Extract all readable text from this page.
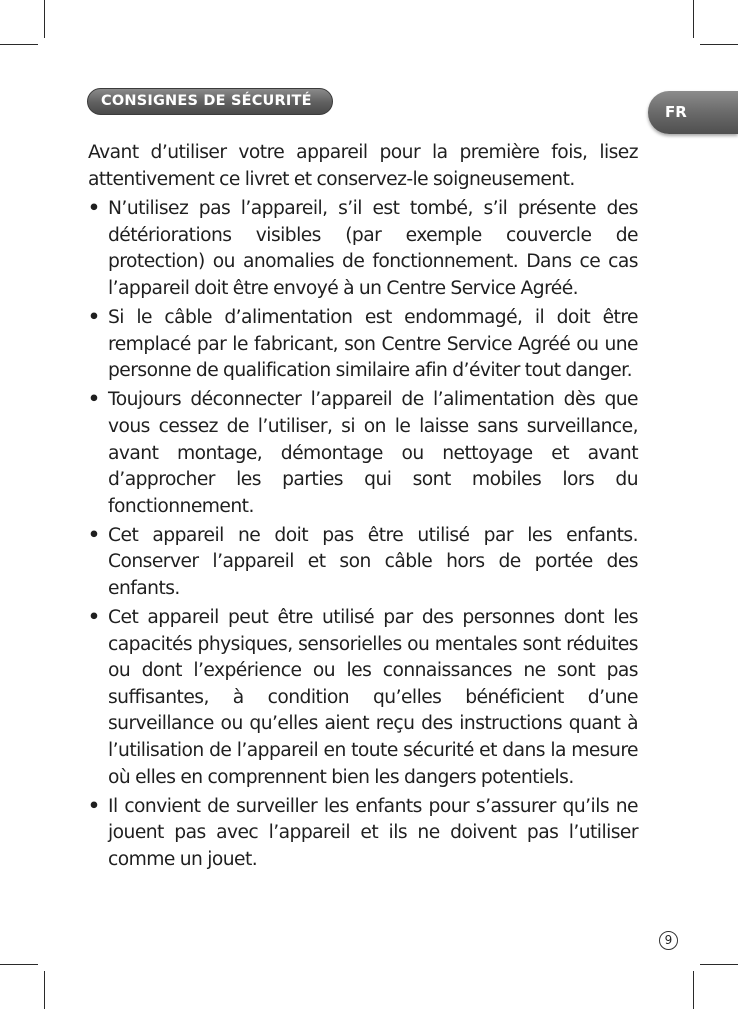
CONSIGNES DE SÉCURITÉ
FR

Avant d’utiliser votre appareil pour la première fois, lisez attentivement ce livret et conservez-le soigneusement.

• N’utilisez pas l’appareil, s’il est tombé, s’il présente des détériorations visibles (par exemple couvercle de protection) ou anomalies de fonctionnement. Dans ce cas l’appareil doit être envoyé à un Centre Service Agréé.
• Si le câble d’alimentation est endommagé, il doit être remplacé par le fabricant, son Centre Service Agréé ou une personne de qualification similaire afin d’éviter tout danger.
• Toujours déconnecter l’appareil de l’alimentation dès que vous cessez de l’utiliser, si on le laisse sans surveillance, avant montage, démontage ou nettoyage et avant d’approcher les parties qui sont mobiles lors du fonctionnement.
• Cet appareil ne doit pas être utilisé par les enfants. Conserver l’appareil et son câble hors de portée des enfants.
• Cet appareil peut être utilisé par des personnes dont les capacités physiques, sensorielles ou mentales sont réduites ou dont l’expérience ou les connaissances ne sont pas suffisantes, à condition qu’elles bénéficient d’une surveillance ou qu’elles aient reçu des instructions quant à l’utilisation de l’appareil en toute sécurité et dans la mesure où elles en comprennent bien les dangers potentiels.
• Il convient de surveiller les enfants pour s’assurer qu’ils ne jouent pas avec l’appareil et ils ne doivent pas l’utiliser comme un jouet.
9
